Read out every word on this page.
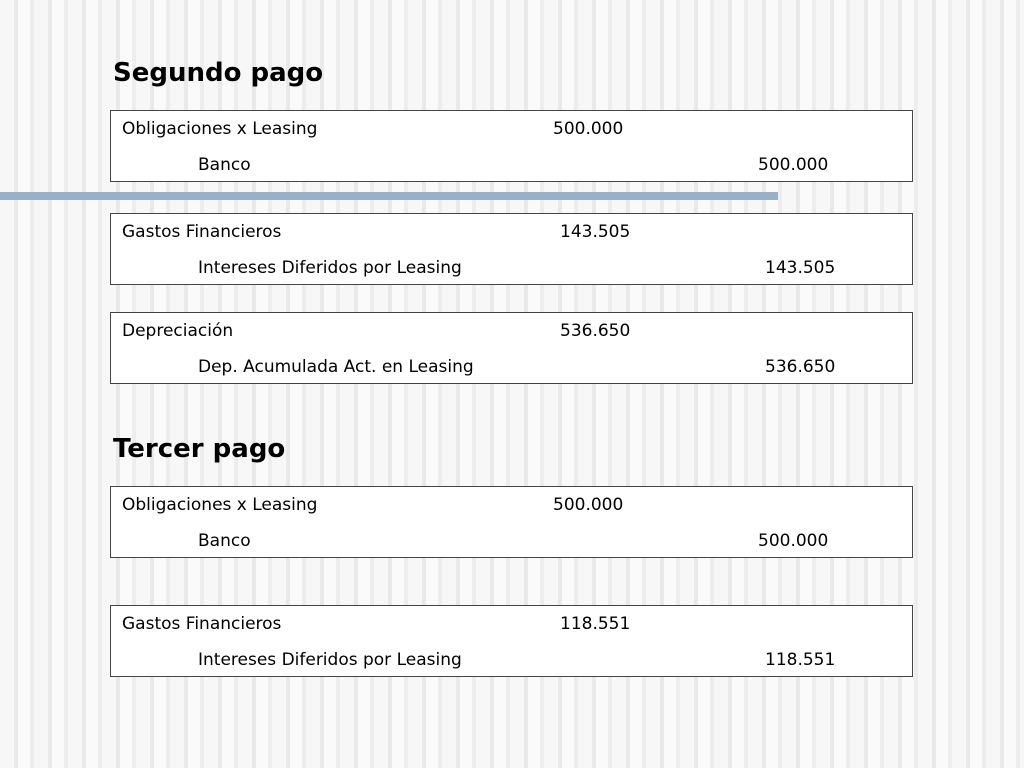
Segundo pago
Obligaciones x Leasing	500.000
Banco	500.000
Gastos Financieros	143.505
Intereses Diferidos por Leasing	143.505
Depreciación	536.650
Dep. Acumulada Act. en Leasing	536.650
Tercer pago
Obligaciones x Leasing	500.000
Banco	500.000
Gastos Financieros	118.551
Intereses Diferidos por Leasing	118.551
